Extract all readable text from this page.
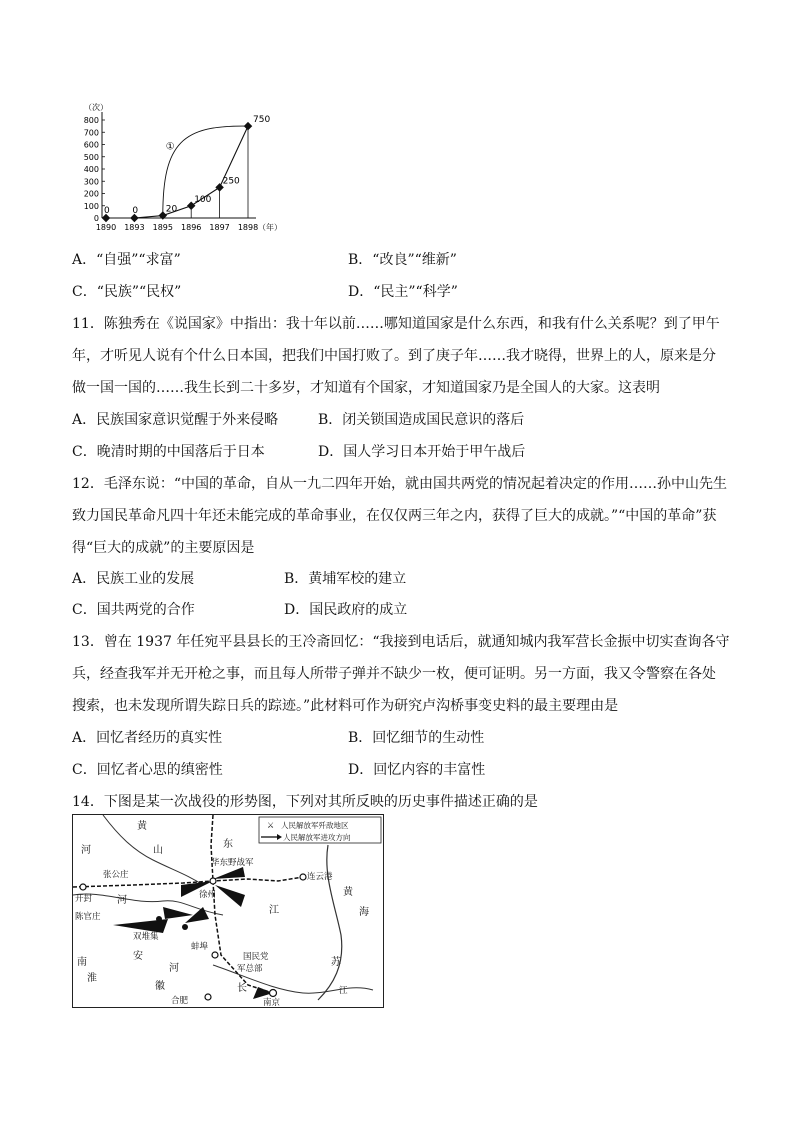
（次）
（年）
0
100
200
300
400
500
600
700
800
1890 1893 1895 1896 1897 1898
①
0	0	20
100
250
750
A．“自强”“求富”	B．“改良”“维新”
C．“民族”“民权”	D．“民主”“科学”
11．陈独秀在《说国家》中指出：我十年以前……哪知道国家是什么东西，和我有什么关系呢？到了甲午
年，才听见人说有个什么日本国，把我们中国打败了。到了庚子年……我才晓得，世界上的人，原来是分
做一国一国的……我生长到二十多岁，才知道有个国家，才知道国家乃是全国人的大家。这表明
A．民族国家意识觉醒于外来侵略	B．闭关锁国造成国民意识的落后
C．晚清时期的中国落后于日本	D．国人学习日本开始于甲午战后
12．毛泽东说：“中国的革命，自从一九二四年开始，就由国共两党的情况起着决定的作用……孙中山先生
致力国民革命凡四十年还未能完成的革命事业，在仅仅两三年之内，获得了巨大的成就。”“中国的革命”获
得“巨大的成就”的主要原因是
A．民族工业的发展	B．黄埔军校的建立
C．国共两党的合作	D．国民政府的成立
13．曾在 1937 年任宛平县县长的王冷斋回忆：“我接到电话后，就通知城内我军营长金振中切实查询各守
兵，经查我军并无开枪之事，而且每人所带子弹并不缺少一枚，便可证明。另一方面，我又令警察在各处
搜索，也未发现所谓失踪日兵的踪迹。”此材料可作为研究卢沟桥事变史料的最主要理由是
A．回忆者经历的真实性	B．回忆细节的生动性
C．回忆者心思的缜密性	D．回忆内容的丰富性
14．下图是某一次战役的形势图，下列对其所反映的历史事件描述正确的是
⚔ 人民解放军歼敌地区
人民解放军进攻方向
黄
河	山
东
张公庄
华东野战军
连云港
黄
海
开封 河	徐州
江
陈官庄
双堆集
蚌埠
南
安
淮
河
徽
国民党
军总部
苏
江
合肥
长
南京
